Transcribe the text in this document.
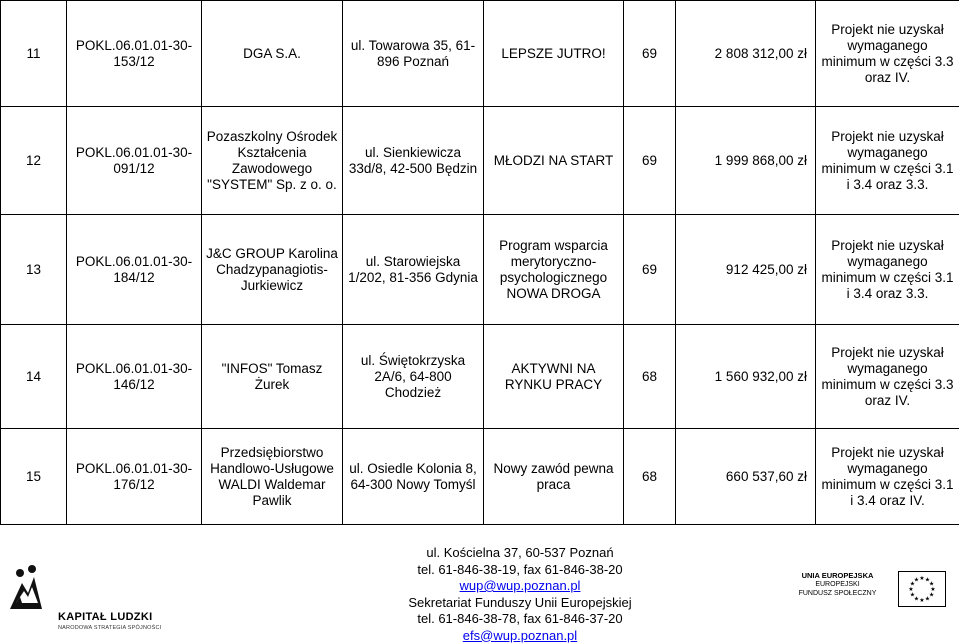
11	POKL.06.01.01-30-153/12	DGA S.A.	ul. Towarowa 35, 61-896 Poznań	LEPSZE JUTRO!	69	2 808 312,00 zł	Projekt nie uzyskał wymaganego minimum w części 3.3 oraz IV.
12	POKL.06.01.01-30-091/12	Pozaszkolny Ośrodek Kształcenia Zawodowego "SYSTEM" Sp. z o. o.	ul. Sienkiewicza 33d/8, 42-500 Będzin	MŁODZI NA START	69	1 999 868,00 zł	Projekt nie uzyskał wymaganego minimum w części 3.1 i 3.4 oraz 3.3.
13	POKL.06.01.01-30-184/12	J&C GROUP Karolina Chadzypanagiotis-Jurkiewicz	ul. Starowiejska 1/202, 81-356 Gdynia	Program wsparcia merytoryczno-psychologicznego NOWA DROGA	69	912 425,00 zł	Projekt nie uzyskał wymaganego minimum w części 3.1 i 3.4 oraz 3.3.
14	POKL.06.01.01-30-146/12	"INFOS" Tomasz Żurek	ul. Świętokrzyska 2A/6, 64-800 Chodzież	AKTYWNI NA RYNKU PRACY	68	1 560 932,00 zł	Projekt nie uzyskał wymaganego minimum w części 3.3 oraz IV.
15	POKL.06.01.01-30-176/12	Przedsiębiorstwo Handlowo-Usługowe WALDI Waldemar Pawlik	ul. Osiedle Kolonia 8, 64-300 Nowy Tomyśl	Nowy zawód pewna praca	68	660 537,60 zł	Projekt nie uzyskał wymaganego minimum w części 3.1 i 3.4 oraz IV.
KAPITAŁ LUDZKI
NARODOWA STRATEGIA SPÓJNOŚCI
ul. Kościelna 37, 60-537 Poznań
tel. 61-846-38-19, fax 61-846-38-20
wup@wup.poznan.pl
Sekretariat Funduszy Unii Europejskiej
tel. 61-846-38-78, fax 61-846-37-20
efs@wup.poznan.pl
UNIA EUROPEJSKA
EUROPEJSKI
FUNDUSZ SPOŁECZNY	★
★
★
★
★
★
★
★
★ ★ ★
★
